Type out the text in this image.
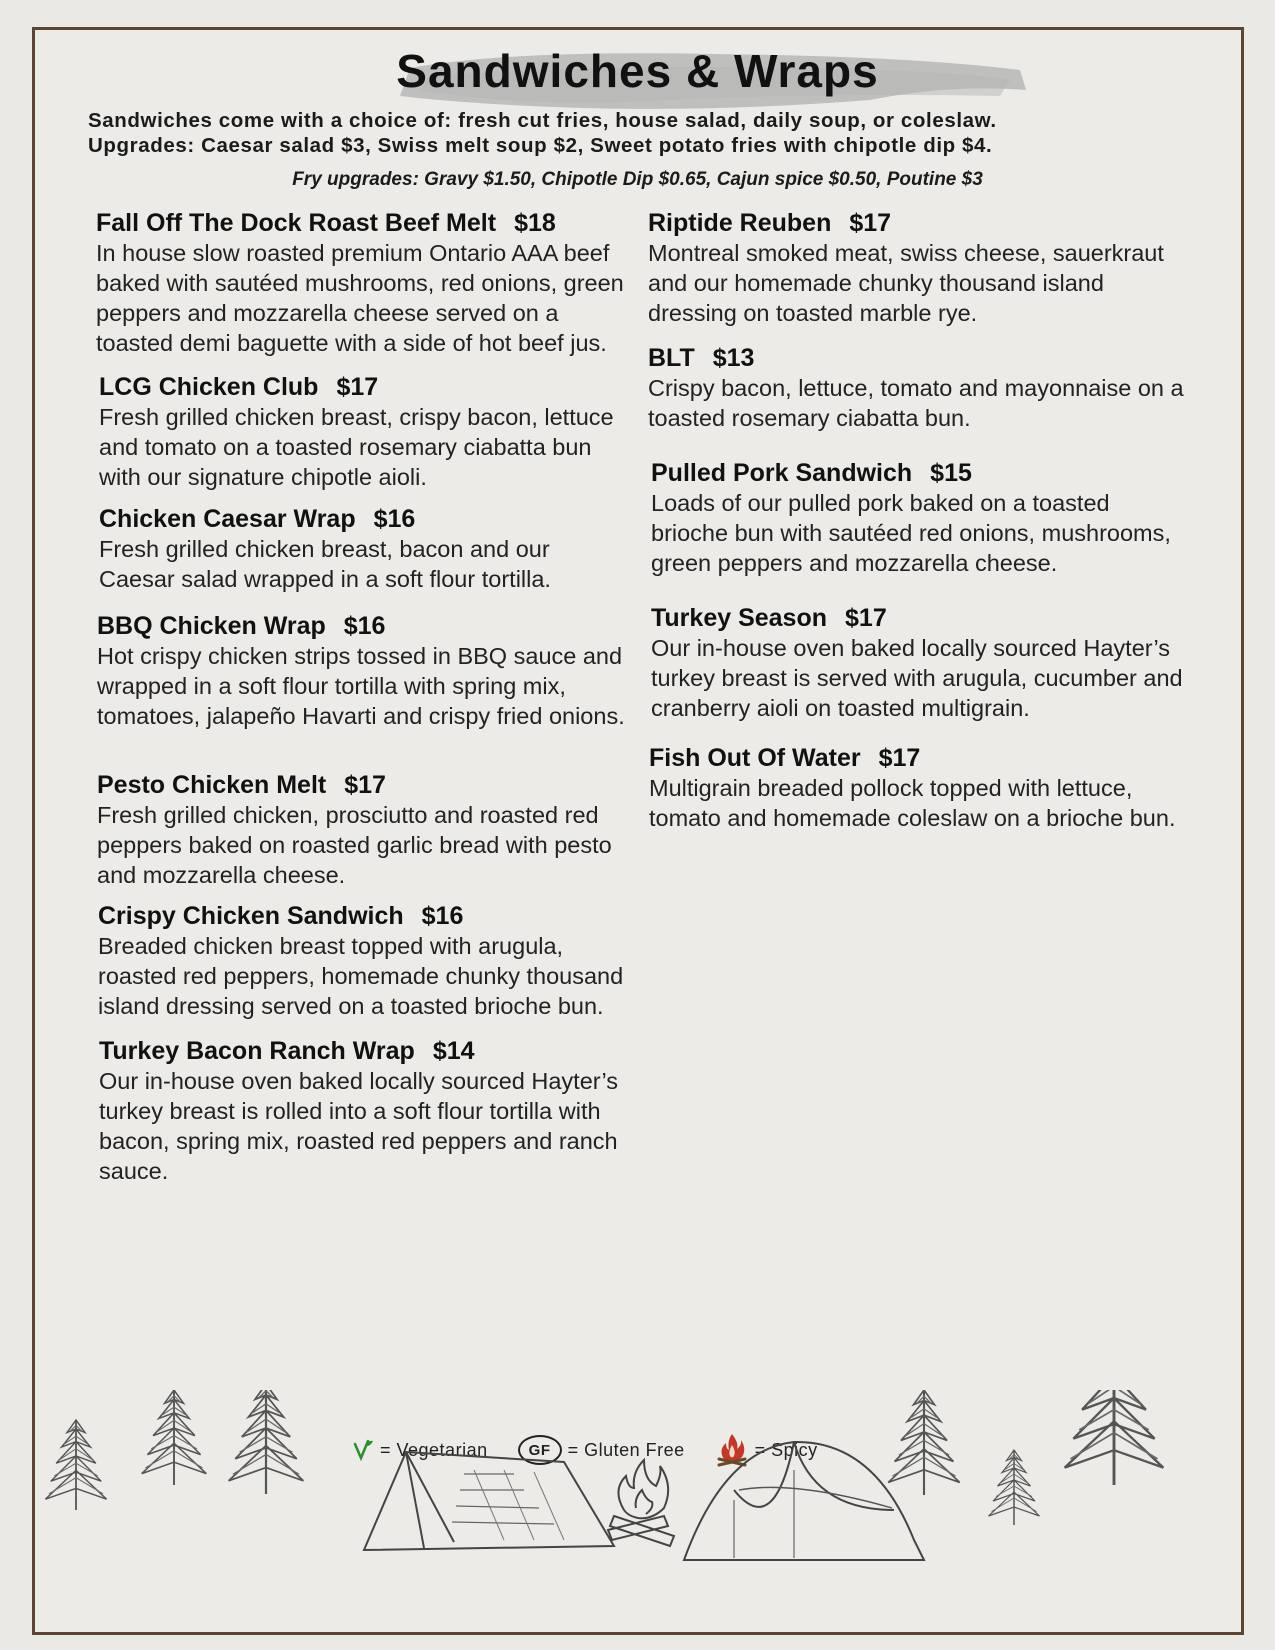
Sandwiches & Wraps
Sandwiches come with a choice of: fresh cut fries, house salad, daily soup, or coleslaw.
Upgrades: Caesar salad $3, Swiss melt soup $2, Sweet potato fries with chipotle dip $4.
Fry upgrades: Gravy $1.50, Chipotle Dip $0.65, Cajun spice $0.50, Poutine $3
Fall Off The Dock Roast Beef Melt $18
In house slow roasted premium Ontario AAA beef baked with sautéed mushrooms, red onions, green peppers and mozzarella cheese served on a toasted demi baguette with a side of hot beef jus.
LCG Chicken Club $17
Fresh grilled chicken breast, crispy bacon, lettuce and tomato on a toasted rosemary ciabatta bun with our signature chipotle aioli.
Chicken Caesar Wrap $16
Fresh grilled chicken breast, bacon and our Caesar salad wrapped in a soft flour tortilla.
BBQ Chicken Wrap $16
Hot crispy chicken strips tossed in BBQ sauce and wrapped in a soft flour tortilla with spring mix, tomatoes, jalapeño Havarti and crispy fried onions.
Pesto Chicken Melt $17
Fresh grilled chicken, prosciutto and roasted red peppers baked on roasted garlic bread with pesto and mozzarella cheese.
Crispy Chicken Sandwich $16
Breaded chicken breast topped with arugula, roasted red peppers, homemade chunky thousand island dressing served on a toasted brioche bun.
Turkey Bacon Ranch Wrap $14
Our in-house oven baked locally sourced Hayter’s turkey breast is rolled into a soft flour tortilla with bacon, spring mix, roasted red peppers and ranch sauce.
Riptide Reuben $17
Montreal smoked meat, swiss cheese, sauerkraut and our homemade chunky thousand island dressing on toasted marble rye.
BLT $13
Crispy bacon, lettuce, tomato and mayonnaise on a toasted rosemary ciabatta bun.
Pulled Pork Sandwich $15
Loads of our pulled pork baked on a toasted brioche bun with sautéed red onions, mushrooms, green peppers and mozzarella cheese.
Turkey Season $17
Our in-house oven baked locally sourced Hayter’s turkey breast is served with arugula, cucumber and cranberry aioli on toasted multigrain.
Fish Out Of Water $17
Multigrain breaded pollock topped with lettuce, tomato and homemade coleslaw on a brioche bun.
= Vegetarian	GF = Gluten Free	= Spicy
